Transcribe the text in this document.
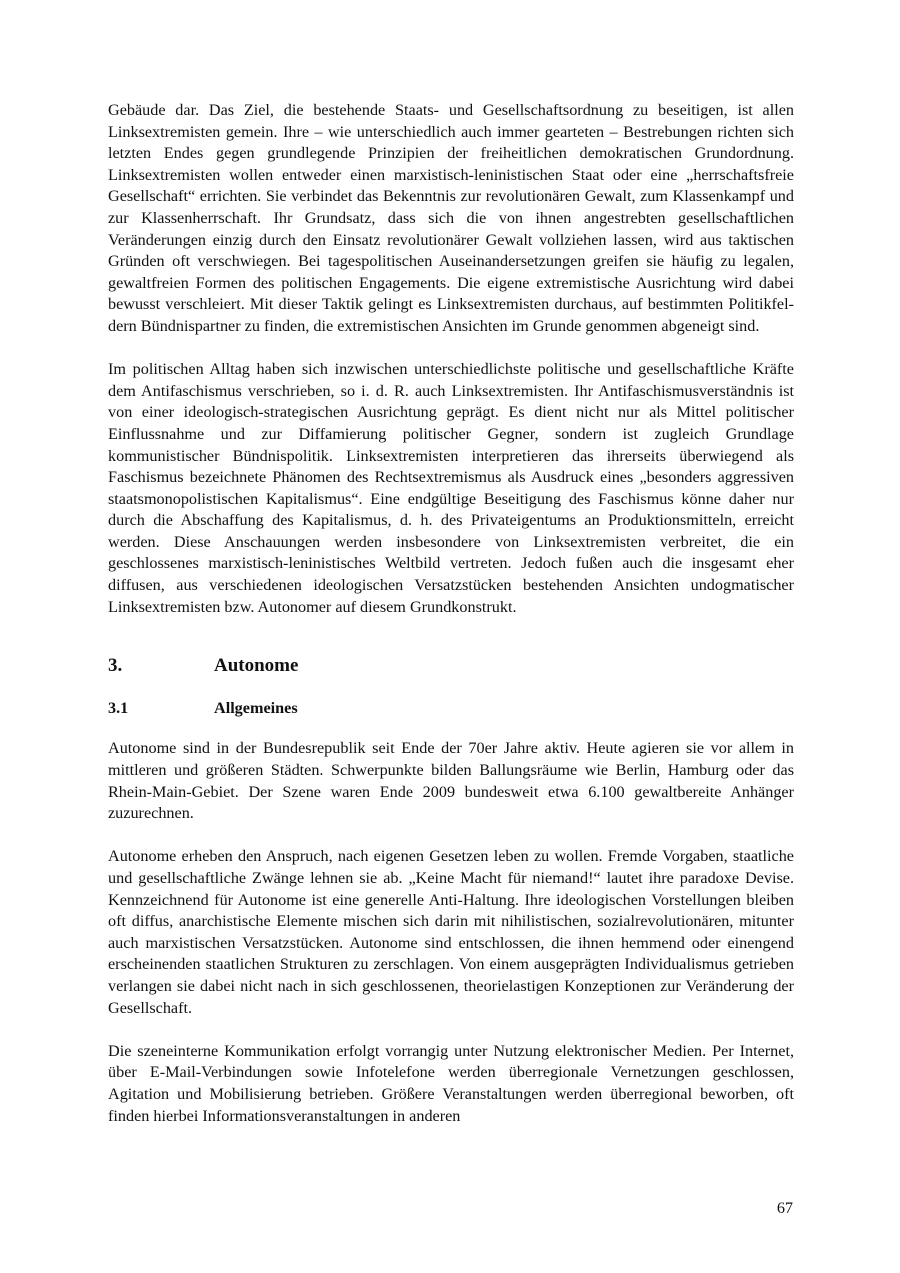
Gebäude dar. Das Ziel, die bestehende Staats- und Gesellschaftsordnung zu beseitigen, ist allen Linksextremisten gemein. Ihre – wie unterschiedlich auch immer gearteten – Bestrebungen richten sich letzten Endes gegen grundlegende Prinzipien der freiheitlichen demokratischen Grundordnung. Linksextremisten wollen entweder einen marxistisch-leninistischen Staat oder eine „herrschaftsfreie Gesellschaft“ errichten. Sie verbindet das Bekenntnis zur revolutionären Gewalt, zum Klassenkampf und zur Klassenherrschaft. Ihr Grundsatz, dass sich die von ihnen angestrebten gesellschaftlichen Veränderungen einzig durch den Einsatz revolutionärer Gewalt vollziehen lassen, wird aus taktischen Gründen oft verschwiegen. Bei tagespolitischen Auseinandersetzungen greifen sie häufig zu legalen, gewaltfreien Formen des politischen Engagements. Die eigene extremistische Ausrichtung wird dabei bewusst verschleiert. Mit dieser Taktik gelingt es Linksextremisten durchaus, auf bestimmten Politikfeldern Bündnispartner zu finden, die extremistischen Ansichten im Grunde genommen abgeneigt sind.

Im politischen Alltag haben sich inzwischen unterschiedlichste politische und gesellschaftliche Kräfte dem Antifaschismus verschrieben, so i. d. R. auch Linksextremisten. Ihr Antifaschismusverständnis ist von einer ideologisch-strategischen Ausrichtung geprägt. Es dient nicht nur als Mittel politischer Einflussnahme und zur Diffamierung politischer Gegner, sondern ist zugleich Grundlage kommunistischer Bündnispolitik. Linksextremisten interpretieren das ihrerseits überwiegend als Faschismus bezeichnete Phänomen des Rechtsextremismus als Ausdruck eines „besonders aggressiven staatsmonopolistischen Kapitalismus“. Eine endgültige Beseitigung des Faschismus könne daher nur durch die Abschaffung des Kapitalismus, d. h. des Privateigentums an Produktionsmitteln, erreicht werden. Diese Anschauungen werden insbesondere von Linksextremisten verbreitet, die ein geschlossenes marxistisch-leninistisches Weltbild vertreten. Jedoch fußen auch die insgesamt eher diffusen, aus verschiedenen ideologischen Versatzstücken bestehenden Ansichten undogmatischer Linksextremisten bzw. Autonomer auf diesem Grundkonstrukt.

3.	Autonome
3.1	Allgemeines

Autonome sind in der Bundesrepublik seit Ende der 70er Jahre aktiv. Heute agieren sie vor allem in mittleren und größeren Städten. Schwerpunkte bilden Ballungsräume wie Berlin, Hamburg oder das Rhein-Main-Gebiet. Der Szene waren Ende 2009 bundesweit etwa 6.100 gewaltbereite Anhänger zuzurechnen.

Autonome erheben den Anspruch, nach eigenen Gesetzen leben zu wollen. Fremde Vorgaben, staatliche und gesellschaftliche Zwänge lehnen sie ab. „Keine Macht für niemand!“ lautet ihre paradoxe Devise. Kennzeichnend für Autonome ist eine generelle Anti-Haltung. Ihre ideologischen Vorstellungen bleiben oft diffus, anarchistische Elemente mischen sich darin mit nihilistischen, sozialrevolutionären, mitunter auch marxistischen Versatzstücken. Autonome sind entschlossen, die ihnen hemmend oder einengend erscheinenden staatlichen Strukturen zu zerschlagen. Von einem ausgeprägten Individualismus getrieben verlangen sie dabei nicht nach in sich geschlossenen, theorielastigen Konzeptionen zur Veränderung der Gesellschaft.

Die szeneinterne Kommunikation erfolgt vorrangig unter Nutzung elektronischer Medien. Per Internet, über E-Mail-Verbindungen sowie Infotelefone werden überregionale Vernetzungen geschlossen, Agitation und Mobilisierung betrieben. Größere Veranstaltungen werden überregional beworben, oft finden hierbei Informationsveranstaltungen in anderen

67
